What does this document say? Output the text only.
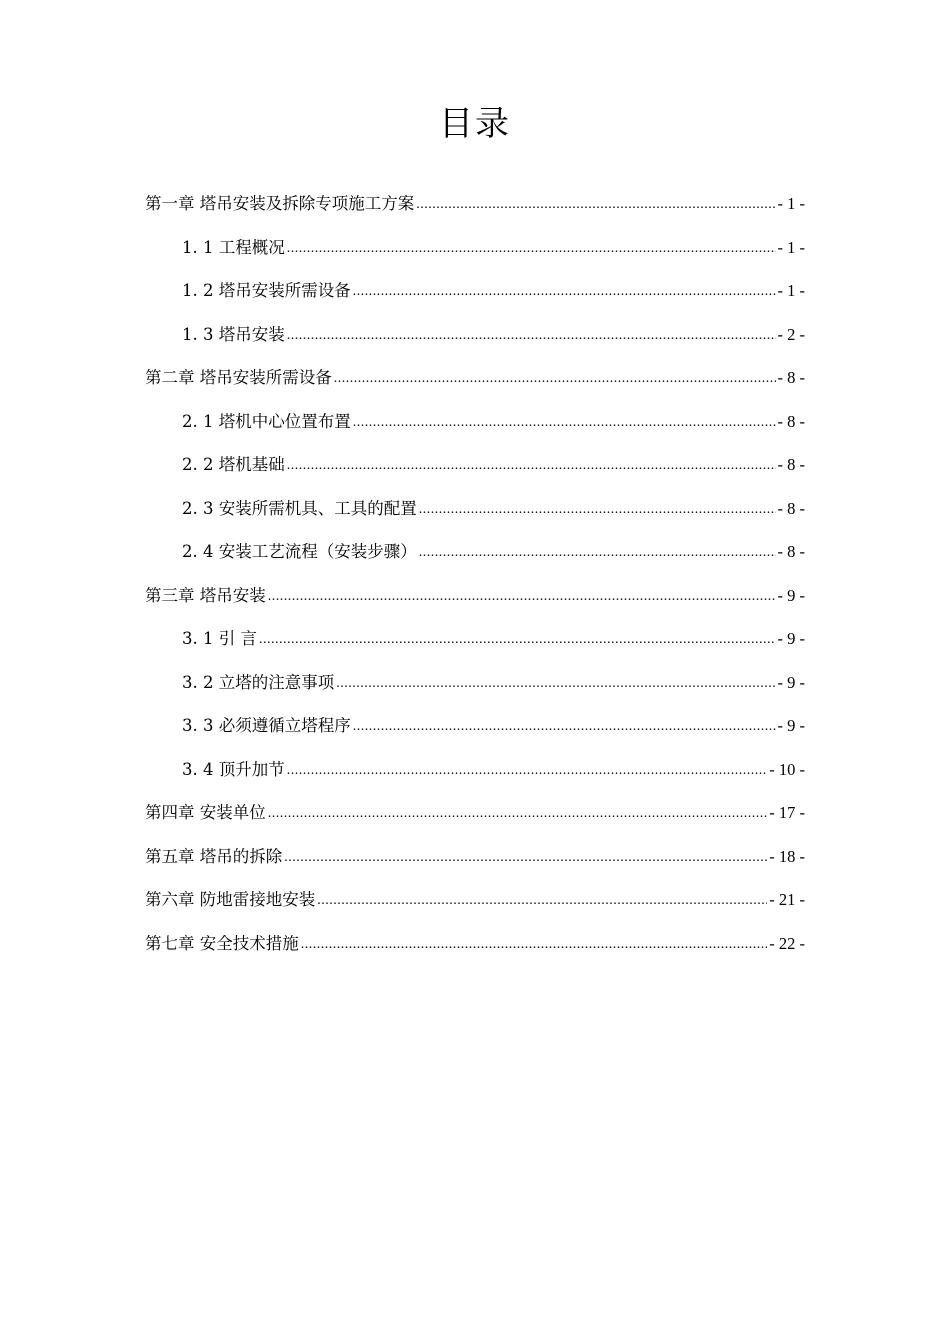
目录
第一章 塔吊安装及拆除专项施工方案 .....	- 1 -
1. 1 工程概况 .....	- 1 -
1. 2 塔吊安装所需设备 .....	- 1 -
1. 3 塔吊安装 .....	- 2 -
第二章 塔吊安装所需设备 .....	- 8 -
2. 1 塔机中心位置布置 .....	- 8 -
2. 2 塔机基础 .....	- 8 -
2. 3 安装所需机具、工具的配置 .....	- 8 -
2. 4 安装工艺流程（安装步骤） .....	- 8 -
第三章 塔吊安装 .....	- 9 -
3. 1 引 言 .....	- 9 -
3. 2 立塔的注意事项 .....	- 9 -
3. 3 必须遵循立塔程序 .....	- 9 -
3. 4 顶升加节 .....	- 10 -
第四章 安装单位 .....	- 17 -
第五章 塔吊的拆除 .....	- 18 -
第六章 防地雷接地安装 .....	- 21 -
第七章 安全技术措施 .....	- 22 -
